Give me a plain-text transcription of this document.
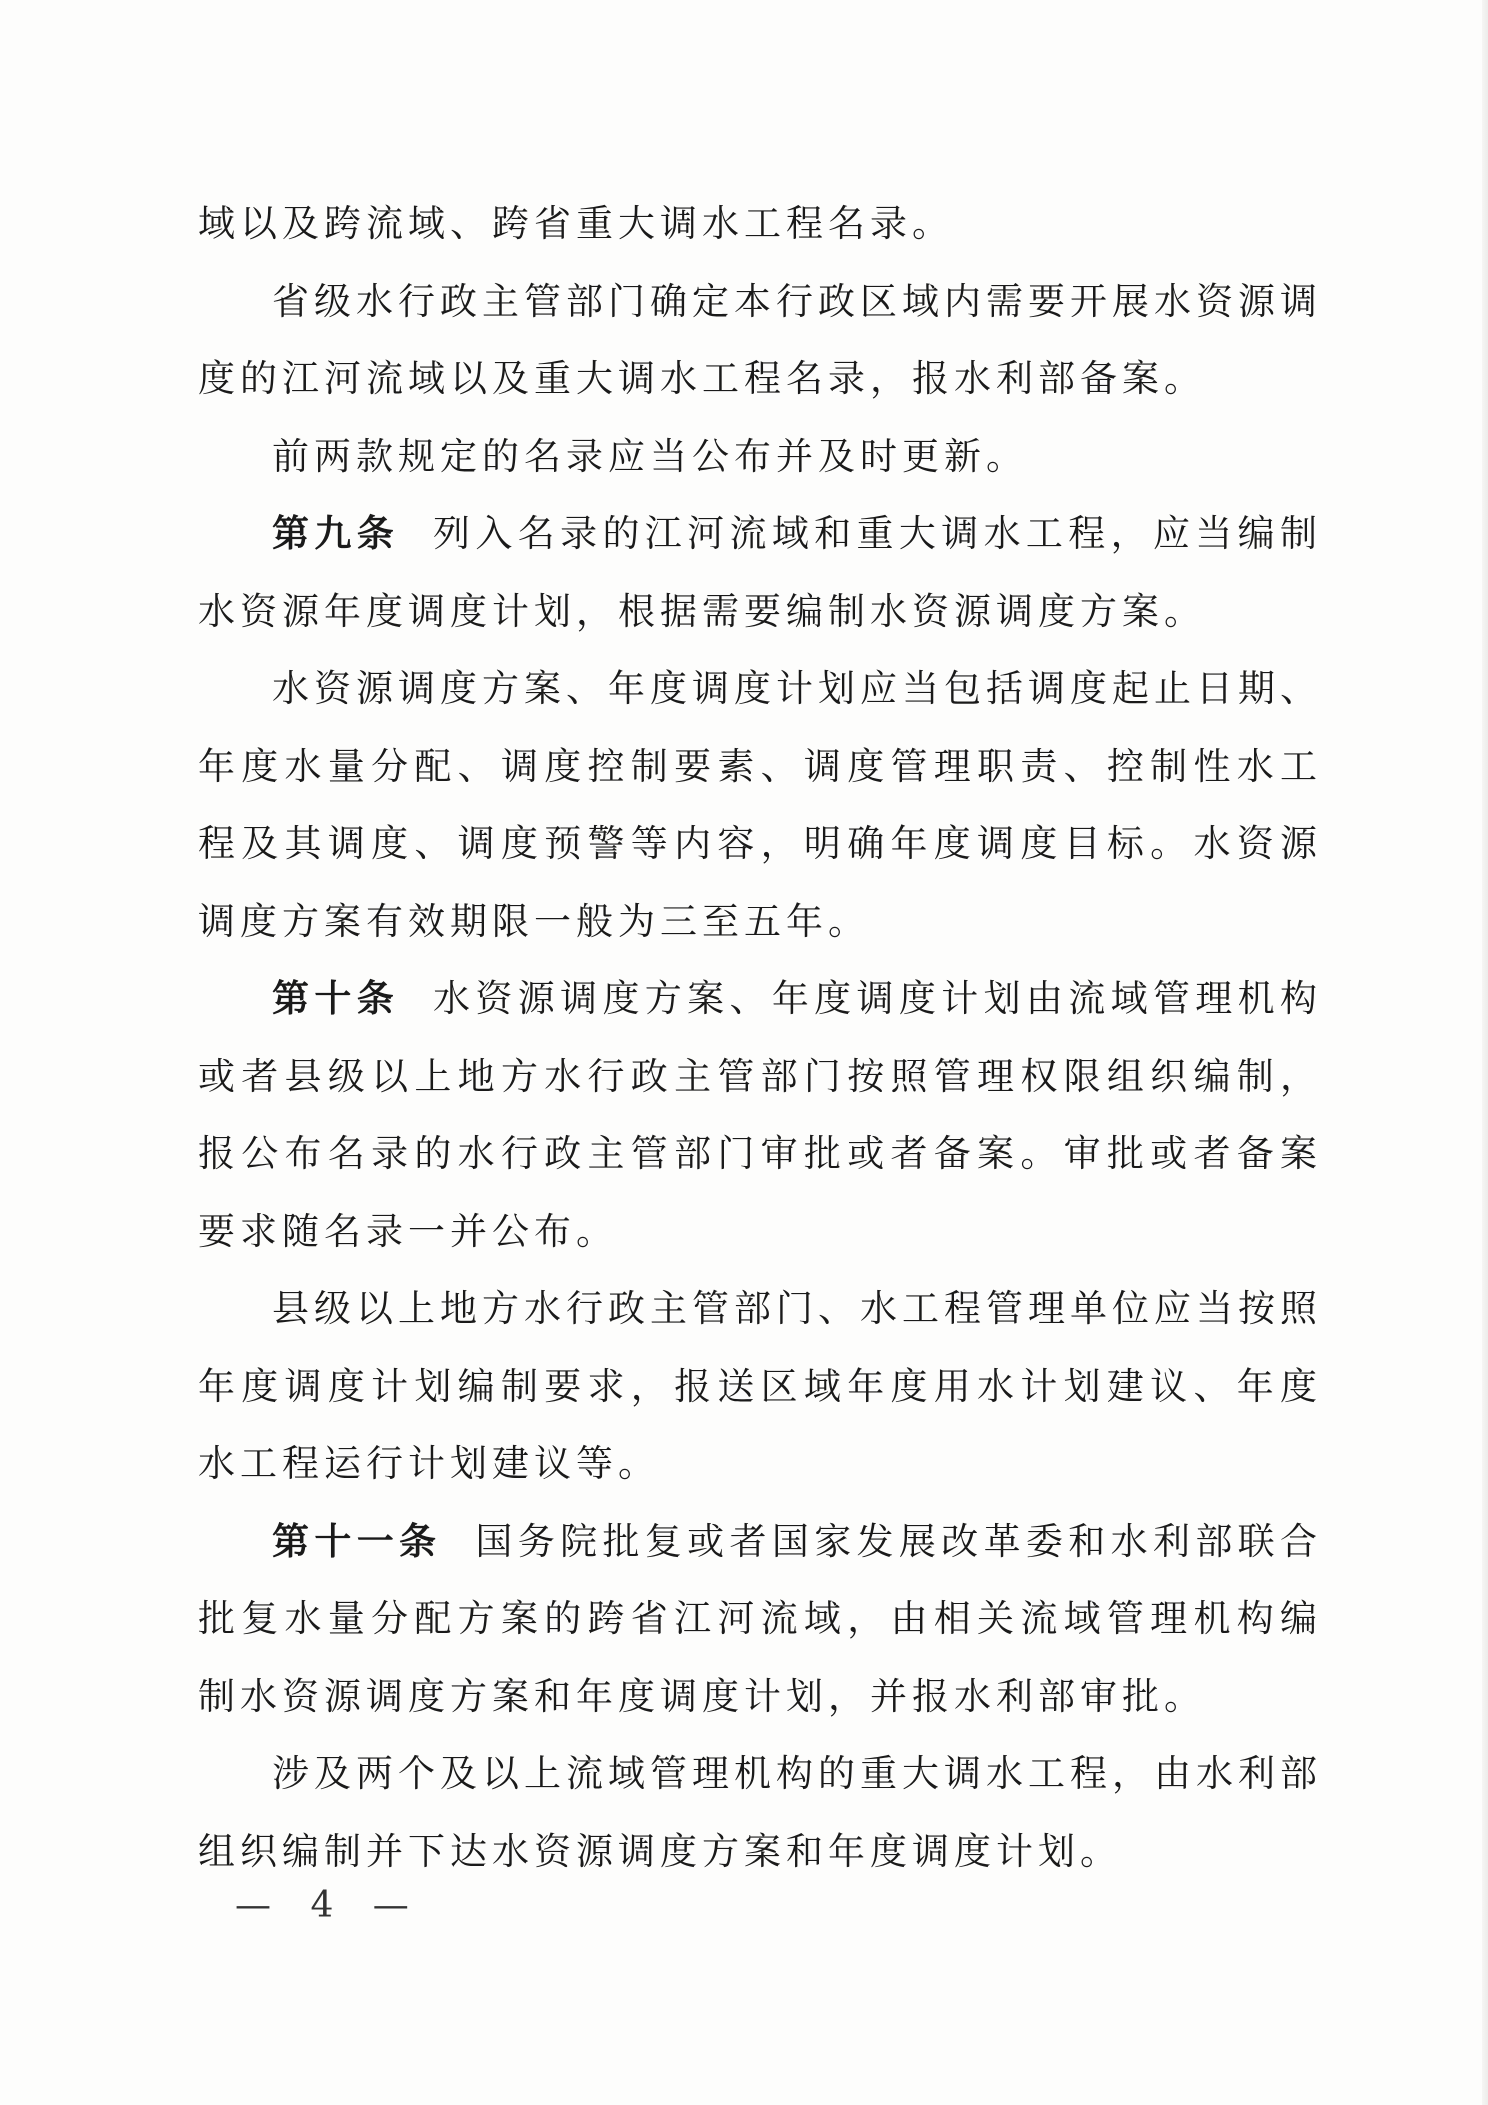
域以及跨流域、跨省重大调水工程名录。

省级水行政主管部门确定本行政区域内需要开展水资源调度的江河流域以及重大调水工程名录，报水利部备案。

前两款规定的名录应当公布并及时更新。

第九条 列入名录的江河流域和重大调水工程，应当编制水资源年度调度计划，根据需要编制水资源调度方案。

水资源调度方案、年度调度计划应当包括调度起止日期、年度水量分配、调度控制要素、调度管理职责、控制性水工程及其调度、调度预警等内容，明确年度调度目标。水资源调度方案有效期限一般为三至五年。

第十条 水资源调度方案、年度调度计划由流域管理机构或者县级以上地方水行政主管部门按照管理权限组织编制，报公布名录的水行政主管部门审批或者备案。审批或者备案要求随名录一并公布。

县级以上地方水行政主管部门、水工程管理单位应当按照年度调度计划编制要求，报送区域年度用水计划建议、年度水工程运行计划建议等。

第十一条 国务院批复或者国家发展改革委和水利部联合批复水量分配方案的跨省江河流域，由相关流域管理机构编制水资源调度方案和年度调度计划，并报水利部审批。

涉及两个及以上流域管理机构的重大调水工程，由水利部组织编制并下达水资源调度方案和年度调度计划。

— 4 —
